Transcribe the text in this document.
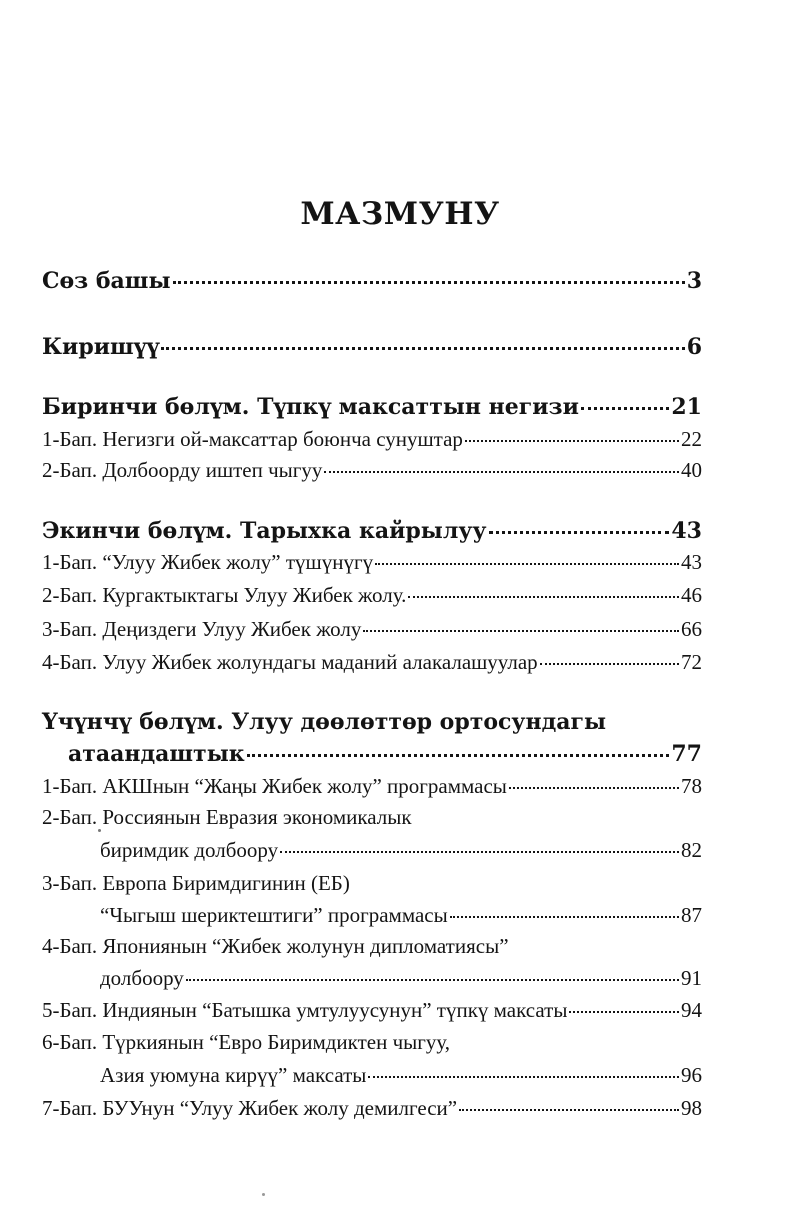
МАЗМУНУ
Сөз башы	3
Киришүү	6
Биринчи бөлүм. Түпкү максаттын негизи	21
1-Бап. Негизги ой-максаттар боюнча сунуштар	22
2-Бап. Долбоорду иштеп чыгуу	40
Экинчи бөлүм. Тарыхка кайрылуу	43
1-Бап. “Улуу Жибек жолу” түшүнүгү	43
2-Бап. Кургактыктагы Улуу Жибек жолу.	46
3-Бап. Деңиздеги Улуу Жибек жолу	66
4-Бап. Улуу Жибек жолундагы маданий алакалашуулар	72
Үчүнчү бөлүм. Улуу дөөлөттөр ортосундагы
атаандаштык	77
1-Бап. АКШнын “Жаңы Жибек жолу” программасы	78
2-Бап. Россиянын Евразия экономикалык
биримдик долбоору	82
3-Бап. Европа Биримдигинин (ЕБ)
“Чыгыш шериктештиги” программасы	87
4-Бап. Япониянын “Жибек жолунун дипломатиясы”
долбоору	91
5-Бап. Индиянын “Батышка умтулуусунун” түпкү максаты	94
6-Бап. Түркиянын “Евро Биримдиктен чыгуу,
Азия уюмуна кирүү” максаты	96
7-Бап. БУУнун “Улуу Жибек жолу демилгеси”	98
